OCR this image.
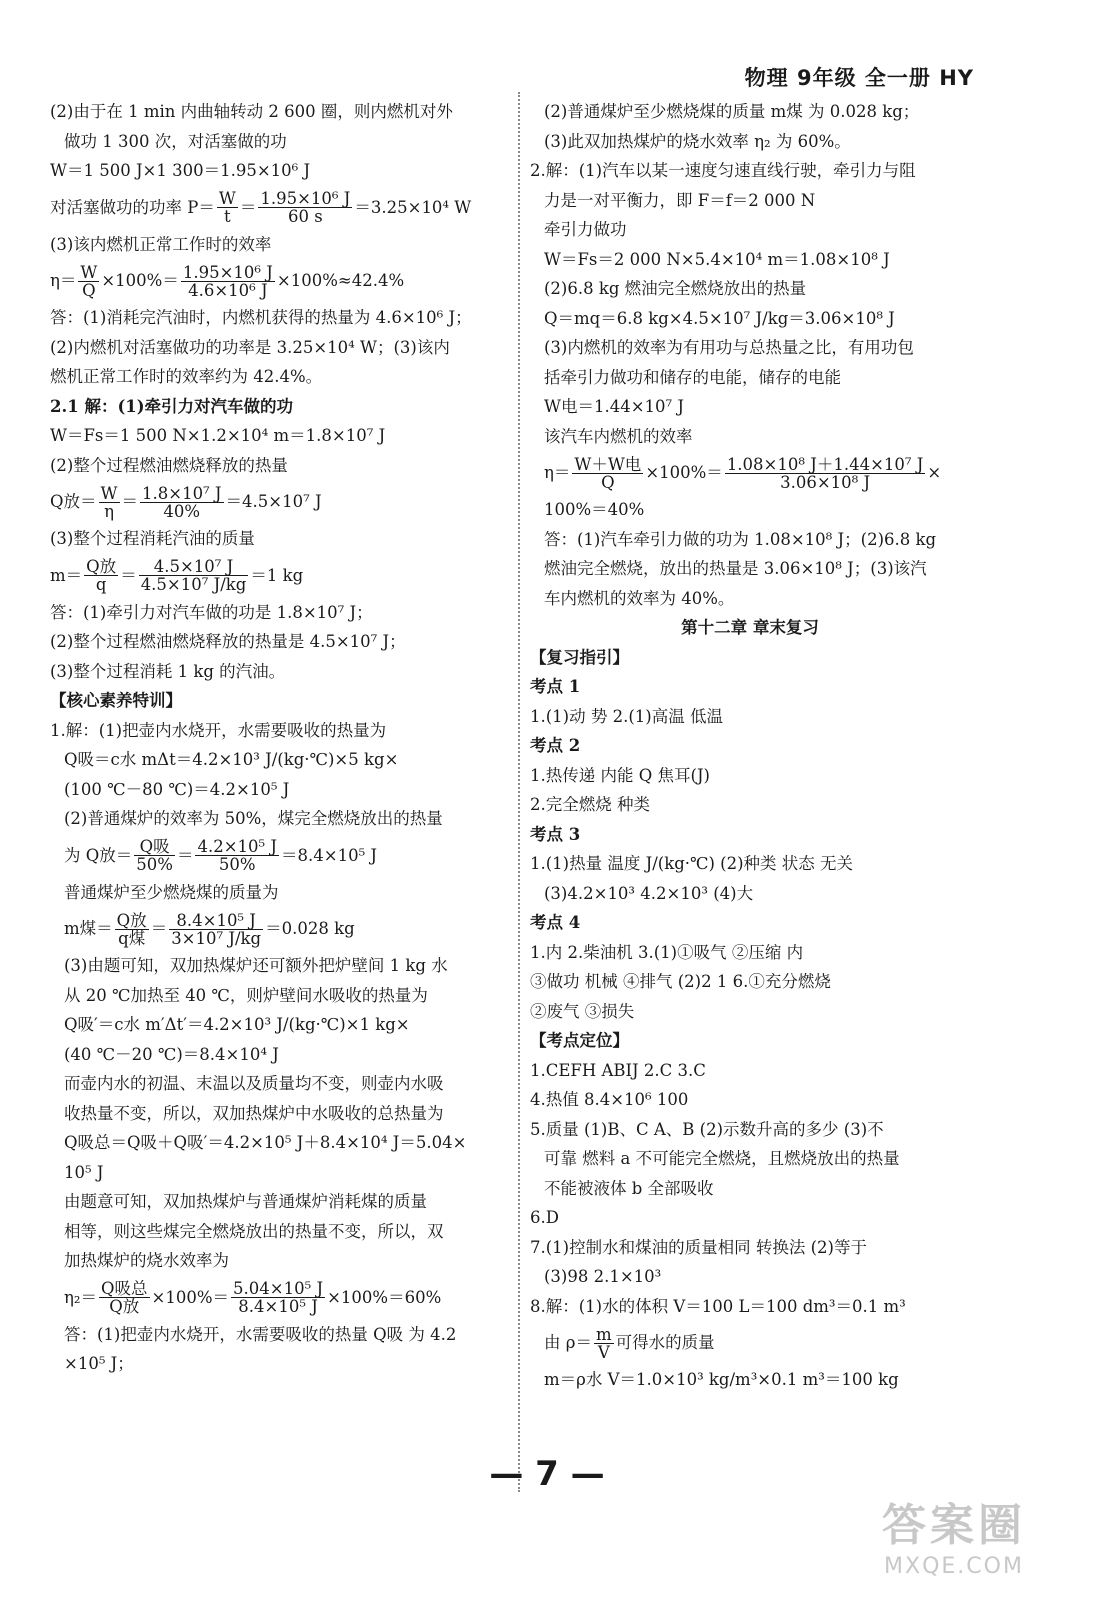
物理 9年级 全一册 HY
(2)由于在 1 min 内曲轴转动 2 600 圈，则内燃机对外
做功 1 300 次，对活塞做的功
W＝1 500 J×1 300＝1.95×10⁶ J
对活塞做功的功率 $P= \frac{W}{t} = \frac{\text{1.95×10⁶ J}}{60 s} =3.25\times 10^4$ W
(3)该内燃机正常工作时的效率
$\eta= \frac{W}{Q} \times 100\%= \frac{\text{1.95×10⁶ J}}{\text{4.6×10⁶ J}} \times 100\%\approx 42.4\%$
答：(1)消耗完汽油时，内燃机获得的热量为 4.6×10⁶ J；
(2)内燃机对活塞做功的功率是 3.25×10⁴ W；(3)该内
燃机正常工作时的效率约为 42.4%。
2.1 解：(1)牵引力对汽车做的功
W＝Fs＝1 500 N×1.2×10⁴ m＝1.8×10⁷ J
(2)整个过程燃油燃烧释放的热量
Q放＝ $\frac{W}{\eta} = \frac{\text{1.8×10⁷ J}}{40\%} =4.5\times 10^7$ J
(3)整个过程消耗汽油的质量
$m= \frac{\text{Q放}}{q} = \frac{\text{4.5×10⁷ J}}{\text{4.5×10⁷ J/kg}} =1$ kg
答：(1)牵引力对汽车做的功是 1.8×10⁷ J；
(2)整个过程燃油燃烧释放的热量是 4.5×10⁷ J；
(3)整个过程消耗 1 kg 的汽油。
【核心素养特训】
1.解：(1)把壶内水烧开，水需要吸收的热量为
Q吸＝c水 mΔt＝4.2×10³ J/(kg·℃)×5 kg×
(100 ℃－80 ℃)＝4.2×10⁵ J
(2)普通煤炉的效率为 50%，煤完全燃烧放出的热量
为 Q放＝ $\frac{\text{Q吸}}{50\%} = \frac{\text{4.2×10⁵ J}}{50\%} =8.4\times 10^5$ J
普通煤炉至少燃烧煤的质量为
m煤＝ $\frac{\text{Q放}}{\text{q煤}} = \frac{\text{8.4×10⁵ J}}{\text{3×10⁷ J/kg}} =0.028$ kg
(3)由题可知，双加热煤炉还可额外把炉壁间 1 kg 水
从 20 ℃加热至 40 ℃，则炉壁间水吸收的热量为
Q吸′＝c水 m′Δt′＝4.2×10³ J/(kg·℃)×1 kg×
(40 ℃－20 ℃)＝8.4×10⁴ J
而壶内水的初温、末温以及质量均不变，则壶内水吸
收热量不变，所以，双加热煤炉中水吸收的总热量为
Q吸总＝Q吸＋Q吸′＝4.2×10⁵ J＋8.4×10⁴ J＝5.04×
10⁵ J
由题意可知，双加热煤炉与普通煤炉消耗煤的质量
相等，则这些煤完全燃烧放出的热量不变，所以，双
加热煤炉的烧水效率为
$\eta_2= \frac{\text{Q吸总}}{\text{Q放}} \times 100\%= \frac{\text{5.04×10⁵ J}}{\text{8.4×10⁵ J}} \times 100\%=60\%$
答：(1)把壶内水烧开，水需要吸收的热量 Q吸 为 4.2
×10⁵ J；
(2)普通煤炉至少燃烧煤的质量 m煤 为 0.028 kg；
(3)此双加热煤炉的烧水效率 η₂ 为 60%。
2.解：(1)汽车以某一速度匀速直线行驶，牵引力与阻
力是一对平衡力，即 F＝f＝2 000 N
牵引力做功
W＝Fs＝2 000 N×5.4×10⁴ m＝1.08×10⁸ J
(2)6.8 kg 燃油完全燃烧放出的热量
Q＝mq＝6.8 kg×4.5×10⁷ J/kg＝3.06×10⁸ J
(3)内燃机的效率为有用功与总热量之比，有用功包
括牵引力做功和储存的电能，储存的电能
W电＝1.44×10⁷ J
该汽车内燃机的效率
$\eta= \frac{\text{W＋W电}}{Q} \times 100\%= \frac{\text{1.08×10⁸ J＋1.44×10⁷ J}}{\text{3.06×10⁸ J}}$ ×
100%＝40%
答：(1)汽车牵引力做的功为 1.08×10⁸ J；(2)6.8 kg
燃油完全燃烧，放出的热量是 3.06×10⁸ J；(3)该汽
车内燃机的效率为 40%。
第十二章 章末复习
【复习指引】
考点 1
1.(1)动 势 2.(1)高温 低温
考点 2
1.热传递 内能 Q 焦耳(J)
2.完全燃烧 种类
考点 3
1.(1)热量 温度 J/(kg·℃) (2)种类 状态 无关
(3)4.2×10³ 4.2×10³ (4)大
考点 4
1.内 2.柴油机 3.(1)①吸气 ②压缩 内
③做功 机械 ④排气 (2)2 1 6.①充分燃烧
②废气 ③损失
【考点定位】
1.CEFH ABIJ 2.C 3.C
4.热值 8.4×10⁶ 100
5.质量 (1)B、C A、B (2)示数升高的多少 (3)不
可靠 燃料 a 不可能完全燃烧，且燃烧放出的热量
不能被液体 b 全部吸收
6.D
7.(1)控制水和煤油的质量相同 转换法 (2)等于
(3)98 2.1×10³
8.解：(1)水的体积 V＝100 L＝100 dm³＝0.1 m³
由 $\rho= \frac{m}{V}$ 可得水的质量
m＝ρ水 V＝1.0×10³ kg/m³×0.1 m³＝100 kg
— 7 —
答案圈
MXQE.COM
